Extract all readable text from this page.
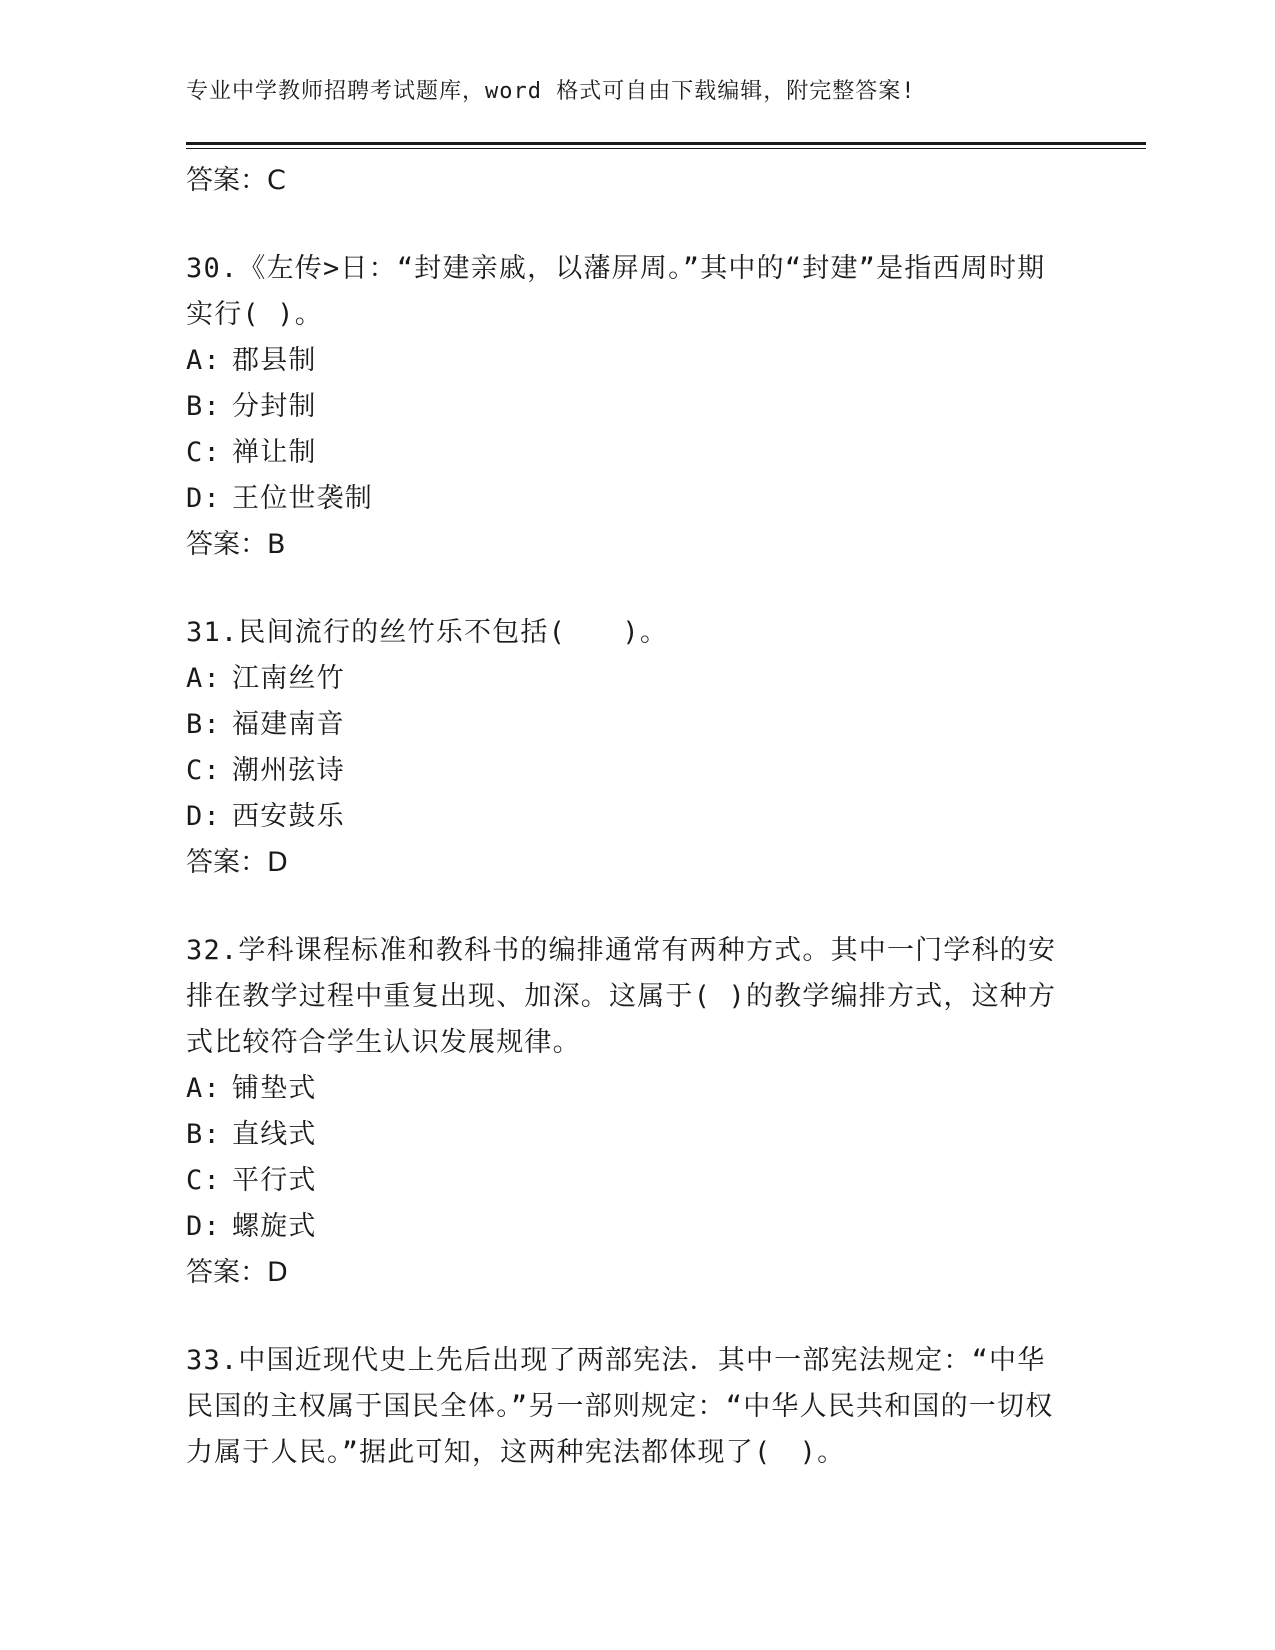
专业中学教师招聘考试题库，word 格式可自由下载编辑，附完整答案!
答案：C
30.《左传>日：“封建亲戚，以藩屏周。”其中的“封建”是指西周时期实行( )。
A: 郡县制
B: 分封制
C: 禅让制
D: 王位世袭制
答案：B
31.民间流行的丝竹乐不包括(　　)。
A: 江南丝竹
B: 福建南音
C: 潮州弦诗
D: 西安鼓乐
答案：D
32.学科课程标准和教科书的编排通常有两种方式。其中一门学科的安排在教学过程中重复出现、加深。这属于( )的教学编排方式，这种方式比较符合学生认识发展规律。
A: 铺垫式
B: 直线式
C: 平行式
D: 螺旋式
答案：D
33.中国近现代史上先后出现了两部宪法．其中一部宪法规定：“中华民国的主权属于国民全体。”另一部则规定：“中华人民共和国的一切权力属于人民。”据此可知，这两种宪法都体现了(　)。
